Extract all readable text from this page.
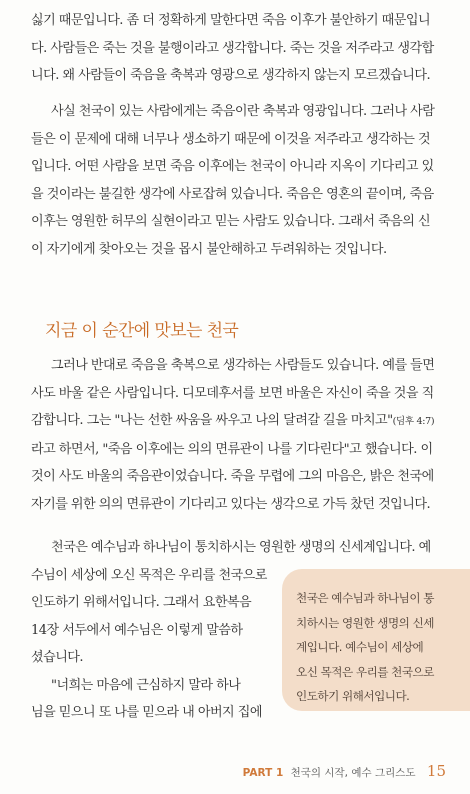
싫기 때문입니다. 좀 더 정확하게 말한다면 죽음 이후가 불안하기 때문입니

다. 사람들은 죽는 것을 불행이라고 생각합니다. 죽는 것을 저주라고 생각합

니다. 왜 사람들이 죽음을 축복과 영광으로 생각하지 않는지 모르겠습니다.

사실 천국이 있는 사람에게는 죽음이란 축복과 영광입니다. 그러나 사람

들은 이 문제에 대해 너무나 생소하기 때문에 이것을 저주라고 생각하는 것

입니다. 어떤 사람을 보면 죽음 이후에는 천국이 아니라 지옥이 기다리고 있

을 것이라는 불길한 생각에 사로잡혀 있습니다. 죽음은 영혼의 끝이며, 죽음

이후는 영원한 허무의 실현이라고 믿는 사람도 있습니다. 그래서 죽음의 신

이 자기에게 찾아오는 것을 몹시 불안해하고 두려워하는 것입니다.

지금 이 순간에 맛보는 천국

그러나 반대로 죽음을 축복으로 생각하는 사람들도 있습니다. 예를 들면

사도 바울 같은 사람입니다. 디모데후서를 보면 바울은 자신이 죽을 것을 직

감합니다. 그는 "나는 선한 싸움을 싸우고 나의 달려갈 길을 마치고"(딤후 4:7)

라고 하면서, "죽음 이후에는 의의 면류관이 나를 기다린다"고 했습니다. 이

것이 사도 바울의 죽음관이었습니다. 죽을 무렵에 그의 마음은, 밝은 천국에

자기를 위한 의의 면류관이 기다리고 있다는 생각으로 가득 찼던 것입니다.

천국은 예수님과 하나님이 통치하시는 영원한 생명의 신세계입니다. 예

수님이 세상에 오신 목적은 우리를 천국으로

인도하기 위해서입니다. 그래서 요한복음

14장 서두에서 예수님은 이렇게 말씀하

셨습니다.

"너희는 마음에 근심하지 말라 하나

님을 믿으니 또 나를 믿으라 내 아버지 집에

천국은 예수님과 하나님이 통

치하시는 영원한 생명의 신세

계입니다. 예수님이 세상에

오신 목적은 우리를 천국으로

인도하기 위해서입니다.

PART 1 천국의 시작, 예수 그리스도 15
